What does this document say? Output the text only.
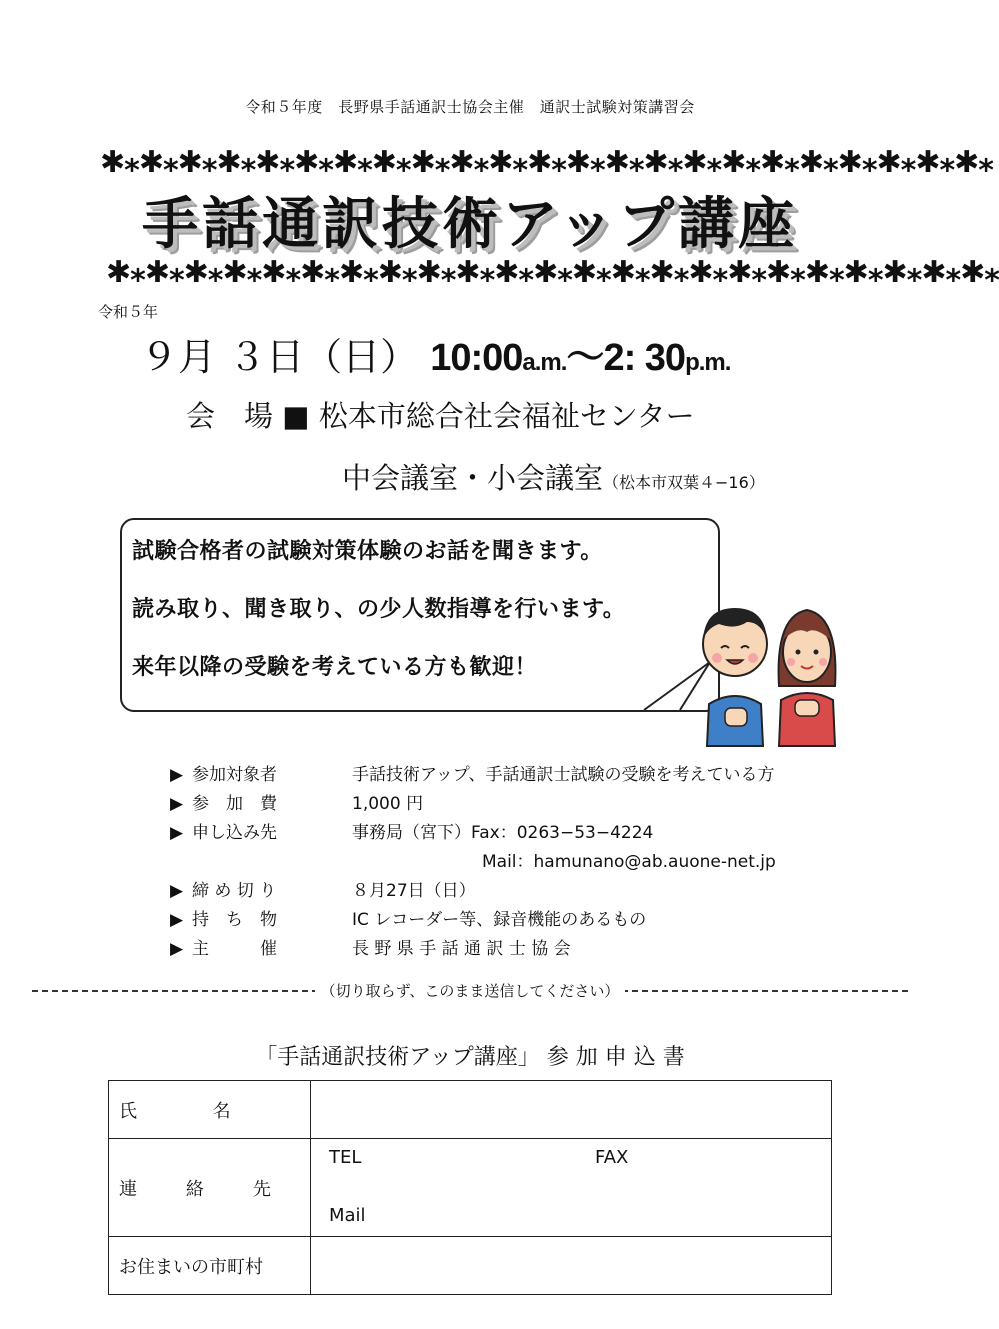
令和５年度　長野県手話通訳士協会主催　通訳士試験対策講習会
✱⁎✱⁎✱⁎✱⁎✱⁎✱⁎✱⁎✱⁎✱⁎✱⁎✱⁎✱⁎✱⁎✱⁎✱⁎✱⁎✱⁎✱⁎✱⁎✱⁎✱⁎✱⁎✱⁎
手話通訳技術アップ講座
✱⁎✱⁎✱⁎✱⁎✱⁎✱⁎✱⁎✱⁎✱⁎✱⁎✱⁎✱⁎✱⁎✱⁎✱⁎✱⁎✱⁎✱⁎✱⁎✱⁎✱⁎✱⁎✱⁎
令和５年
９月 ３日（日） 10:00a.m.～2: 30p.m.
会　場 ■ 松本市総合社会福祉センター
中会議室・小会議室（松本市双葉４−16）
試験合格者の試験対策体験のお話を聞きます。
読み取り、聞き取り、の少人数指導を行います。
来年以降の受験を考えている方も歓迎！
▶ 参加対象者	手話技術アップ、手話通訳士試験の受験を考えている方
▶ 参　加　費	1,000 円
▶ 申し込み先	事務局（宮下）Fax：0263−53−4224
Mail：hamunano@ab.auone-net.jp
▶ 締 め 切 り	８月27日（日）
▶ 持　ち　物	IC レコーダー等、録音機能のあるもの
▶ 主　　　催	長 野 県 手 話 通 訳 士 協 会
（切り取らず、このまま送信してください）
「手話通訳技術アップ講座」 参 加 申 込 書
氏　名	
連 絡 先	TEL FAX
Mail

お住まいの市町村	
